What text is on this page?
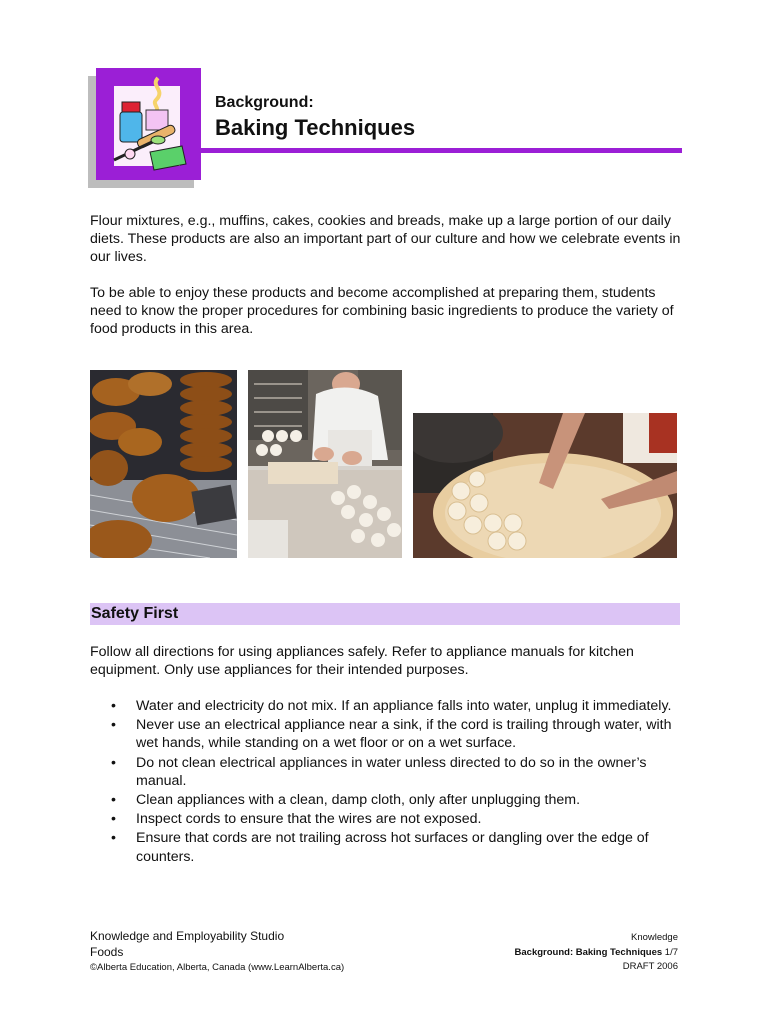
Background:
Baking Techniques

Flour mixtures, e.g., muffins, cakes, cookies and breads, make up a large portion of our daily diets. These products are also an important part of our culture and how we celebrate events in our lives.

To be able to enjoy these products and become accomplished at preparing them, students need to know the proper procedures for combining basic ingredients to produce the variety of food products in this area.

Safety First

Follow all directions for using appliances safely. Refer to appliance manuals for kitchen equipment. Only use appliances for their intended purposes.

• Water and electricity do not mix. If an appliance falls into water, unplug it immediately.
• Never use an electrical appliance near a sink, if the cord is trailing through water, with wet hands, while standing on a wet floor or on a wet surface.
• Do not clean electrical appliances in water unless directed to do so in the owner’s manual.
• Clean appliances with a clean, damp cloth, only after unplugging them.
• Inspect cords to ensure that the wires are not exposed.
• Ensure that cords are not trailing across hot surfaces or dangling over the edge of counters.
Knowledge and Employability Studio
Foods
©Alberta Education, Alberta, Canada (www.LearnAlberta.ca)
Knowledge
Background: Baking Techniques 1/7
DRAFT 2006
